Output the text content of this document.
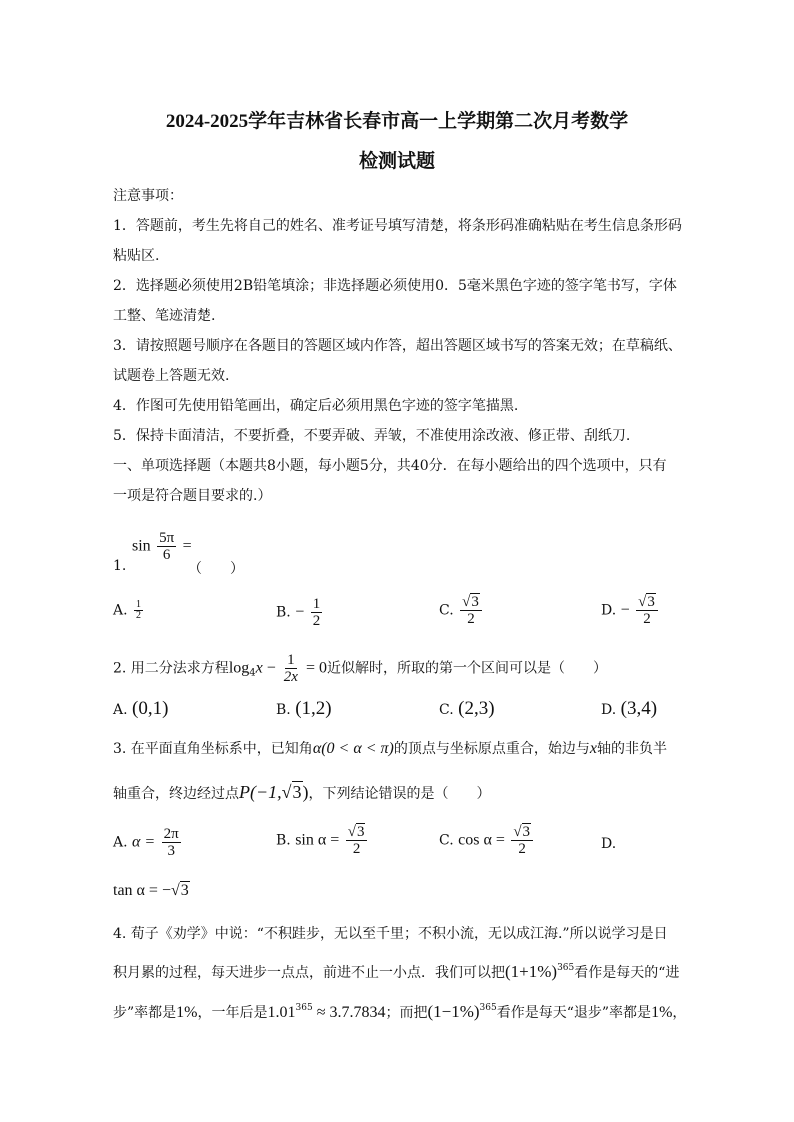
2024-2025学年吉林省长春市高一上学期第二次月考数学
检测试题
注意事项：
1．答题前，考生先将自己的姓名、准考证号填写清楚，将条形码准确粘贴在考生信息条形码
粘贴区.
2．选择题必须使用2B铅笔填涂；非选择题必须使用0．5毫米黑色字迹的签字笔书写，字体
工整、笔迹清楚.
3．请按照题号顺序在各题目的答题区域内作答，超出答题区域书写的答案无效；在草稿纸、
试题卷上答题无效.
4．作图可先使用铅笔画出，确定后必须用黑色字迹的签字笔描黑.
5．保持卡面清洁，不要折叠，不要弄破、弄皱，不准使用涂改液、修正带、刮纸刀.
一、单项选择题（本题共8小题，每小题5分，共40分．在每小题给出的四个选项中，只有
一项是符合题目要求的.）
$\sin \frac{5\pi}{6}$ =
1.	（　　）
A. $\frac{1}{2}$	B. − $\frac{1}{2}$	C. $\frac{√3}{2}$	D. − $\frac{√3}{2}$
2. 用二分法求方程$\log_4x - \frac{1}{2x} = 0$近似解时，所取的第一个区间可以是（　　）
A. (0,1)	B. (1,2)	C. (2,3)	D. (3,4)
3. 在平面直角坐标系中，已知角α(0 < α < π)的顶点与坐标原点重合，始边与x轴的非负半
轴重合，终边经过点P(−1,√3)，下列结论错误的是（　　）
A. $\alpha = \frac{2\pi}{3}$	B. $\sin \alpha = \frac{√3}{2}$	C. $\cos \alpha = \frac{√3}{2}$	D.
tan α = −√3
4. 荀子《劝学》中说：“不积跬步，无以至千里；不积小流，无以成江海.”所以说学习是日
积月累的过程，每天进步一点点，前进不止一小点．我们可以把$(1+1\%)^{365}$看作是每天的“进
步”率都是1%，一年后是$1.01^{365} \approx 3.7.7834$；而把$(1-1\%)^{365}$看作是每天“退步”率都是1%，
